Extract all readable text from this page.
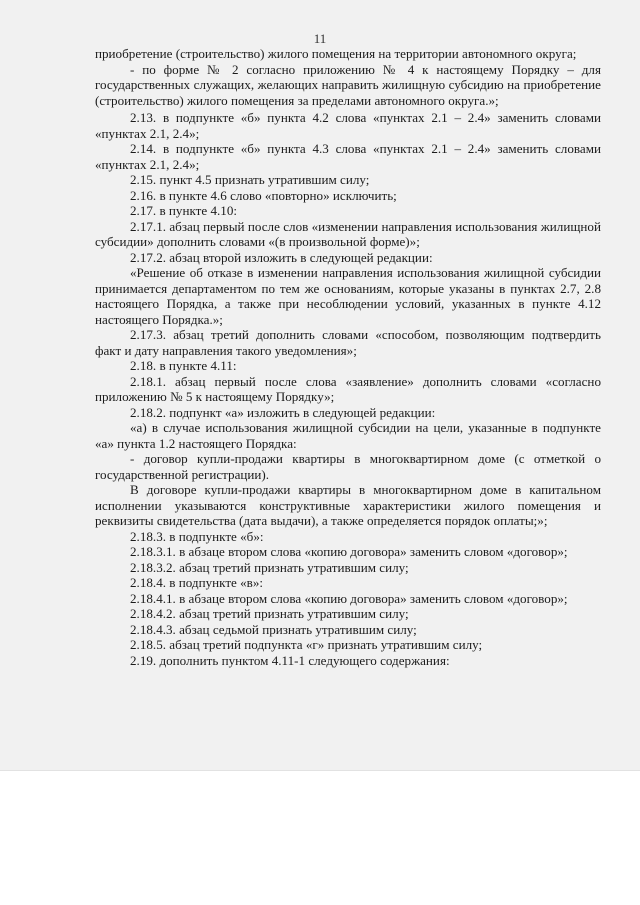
11

приобретение (строительство) жилого помещения на территории автономного округа;

- по форме № 2 согласно приложению № 4 к настоящему Порядку – для государственных служащих, желающих направить жилищную субсидию на приобретение (строительство) жилого помещения за пределами автономного округа.»;

2.13. в подпункте «б» пункта 4.2 слова «пунктах 2.1 – 2.4» заменить словами «пунктах 2.1, 2.4»;

2.14. в подпункте «б» пункта 4.3 слова «пунктах 2.1 – 2.4» заменить словами «пунктах 2.1, 2.4»;

2.15. пункт 4.5 признать утратившим силу;

2.16. в пункте 4.6 слово «повторно» исключить;

2.17. в пункте 4.10:

2.17.1. абзац первый после слов «изменении направления использования жилищной субсидии» дополнить словами «(в произвольной форме)»;

2.17.2. абзац второй изложить в следующей редакции:

«Решение об отказе в изменении направления использования жилищной субсидии принимается департаментом по тем же основаниям, которые указаны в пунктах 2.7, 2.8 настоящего Порядка, а также при несоблюдении условий, указанных в пункте 4.12 настоящего Порядка.»;

2.17.3. абзац третий дополнить словами «способом, позволяющим подтвердить факт и дату направления такого уведомления»;

2.18. в пункте 4.11:

2.18.1. абзац первый после слова «заявление» дополнить словами «согласно приложению № 5 к настоящему Порядку»;

2.18.2. подпункт «а» изложить в следующей редакции:

«а) в случае использования жилищной субсидии на цели, указанные в подпункте «а» пункта 1.2 настоящего Порядка:

- договор купли-продажи квартиры в многоквартирном доме (с отметкой о государственной регистрации).

В договоре купли-продажи квартиры в многоквартирном доме в капитальном исполнении указываются конструктивные характеристики жилого помещения и реквизиты свидетельства (дата выдачи), а также определяется порядок оплаты;»;

2.18.3. в подпункте «б»:

2.18.3.1. в абзаце втором слова «копию договора» заменить словом «договор»;

2.18.3.2. абзац третий признать утратившим силу;

2.18.4. в подпункте «в»:

2.18.4.1. в абзаце втором слова «копию договора» заменить словом «договор»;

2.18.4.2. абзац третий признать утратившим силу;

2.18.4.3. абзац седьмой признать утратившим силу;

2.18.5. абзац третий подпункта «г» признать утратившим силу;

2.19. дополнить пунктом 4.11-1 следующего содержания:
